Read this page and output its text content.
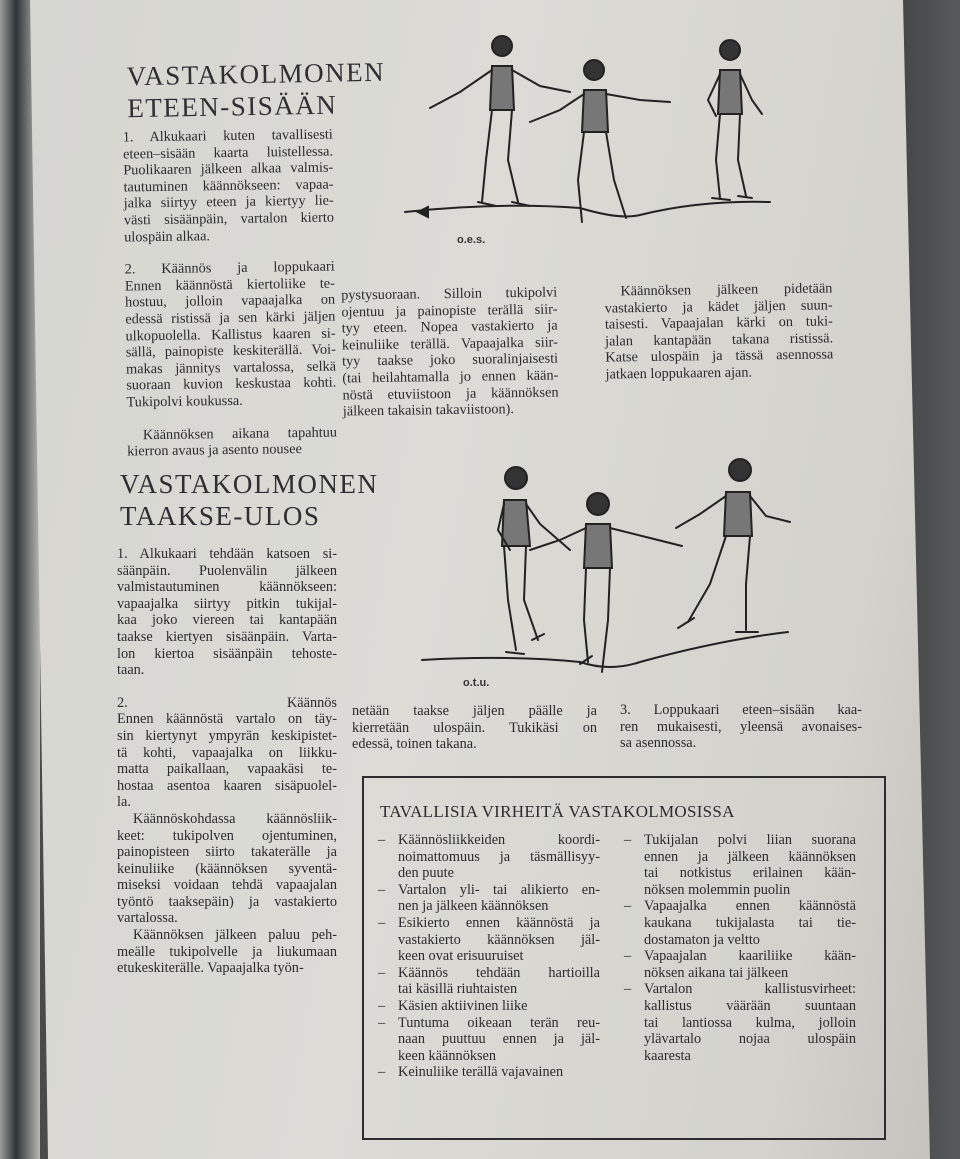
VASTAKOLMONEN
ETEEN-SISÄÄN
1. Alkukaari kuten tavallisesti
eteen–sisään kaarta luistellessa.
Puolikaaren jälkeen alkaa valmis-
tautuminen käännökseen: vapaa-
jalka siirtyy eteen ja kiertyy lie-
västi sisäänpäin, vartalon kierto
ulospäin alkaa.
2. Käännös ja loppukaari
Ennen käännöstä kiertoliike te-
hostuu, jolloin vapaajalka on
edessä ristissä ja sen kärki jäljen
ulkopuolella. Kallistus kaaren si-
sällä, painopiste keskiterällä. Voi-
makas jännitys vartalossa, selkä
suoraan kuvion keskustaa kohti.
Tukipolvi koukussa.
Käännöksen aikana tapahtuu
kierron avaus ja asento nousee
pystysuoraan. Silloin tukipolvi
ojentuu ja painopiste terällä siir-
tyy eteen. Nopea vastakierto ja
keinuliike terällä. Vapaajalka siir-
tyy taakse joko suoralinjaisesti
(tai heilahtamalla jo ennen kään-
nöstä etuviistoon ja käännöksen
jälkeen takaisin takaviistoon).
Käännöksen jälkeen pidetään
vastakierto ja kädet jäljen suun-
taisesti. Vapaajalan kärki on tuki-
jalan kantapään takana ristissä.
Katse ulospäin ja tässä asennossa
jatkaen loppukaaren ajan.
o.e.s.
VASTAKOLMONEN
TAAKSE-ULOS
1. Alkukaari tehdään katsoen si-
säänpäin. Puolenvälin jälkeen
valmistautuminen käännökseen:
vapaajalka siirtyy pitkin tukijal-
kaa joko viereen tai kantapään
taakse kiertyen sisäänpäin. Varta-
lon kiertoa sisäänpäin tehoste-
taan.
2. Käännös
Ennen käännöstä vartalo on täy-
sin kiertynyt ympyrän keskipistet-
tä kohti, vapaajalka on liikku-
matta paikallaan, vapaakäsi te-
hostaa asentoa kaaren sisäpuolel-
la.
Käännöskohdassa käännösliik-
keet: tukipolven ojentuminen,
painopisteen siirto takaterälle ja
keinuliike (käännöksen syventä-
miseksi voidaan tehdä vapaajalan
työntö taaksepäin) ja vastakierto
vartalossa.
Käännöksen jälkeen paluu peh-
meälle tukipolvelle ja liukumaan
etukeskiterälle. Vapaajalka työn-
netään taakse jäljen päälle ja
kierretään ulospäin. Tukikäsi on
edessä, toinen takana.
3. Loppukaari eteen–sisään kaa-
ren mukaisesti, yleensä avonaises-
sa asennossa.
o.t.u.
TAVALLISIA VIRHEITÄ VASTAKOLMOSISSA
– Käännösliikkeiden koordi-
noimattomuus ja täsmällisyy-
den puute
– Vartalon yli- tai alikierto en-
nen ja jälkeen käännöksen
– Esikierto ennen käännöstä ja
vastakierto käännöksen jäl-
keen ovat erisuuruiset
– Käännös tehdään hartioilla
tai käsillä riuhtaisten
– Käsien aktiivinen liike
– Tuntuma oikeaan terän reu-
naan puuttuu ennen ja jäl-
keen käännöksen
– Keinuliike terällä vajavainen
– Tukijalan polvi liian suorana
ennen ja jälkeen käännöksen
tai notkistus erilainen kään-
nöksen molemmin puolin
– Vapaajalka ennen käännöstä
kaukana tukijalasta tai tie-
dostamaton ja veltto
– Vapaajalan kaariliike kään-
nöksen aikana tai jälkeen
– Vartalon kallistusvirheet:
kallistus väärään suuntaan
tai lantiossa kulma, jolloin
ylävartalo nojaa ulospäin
kaaresta
